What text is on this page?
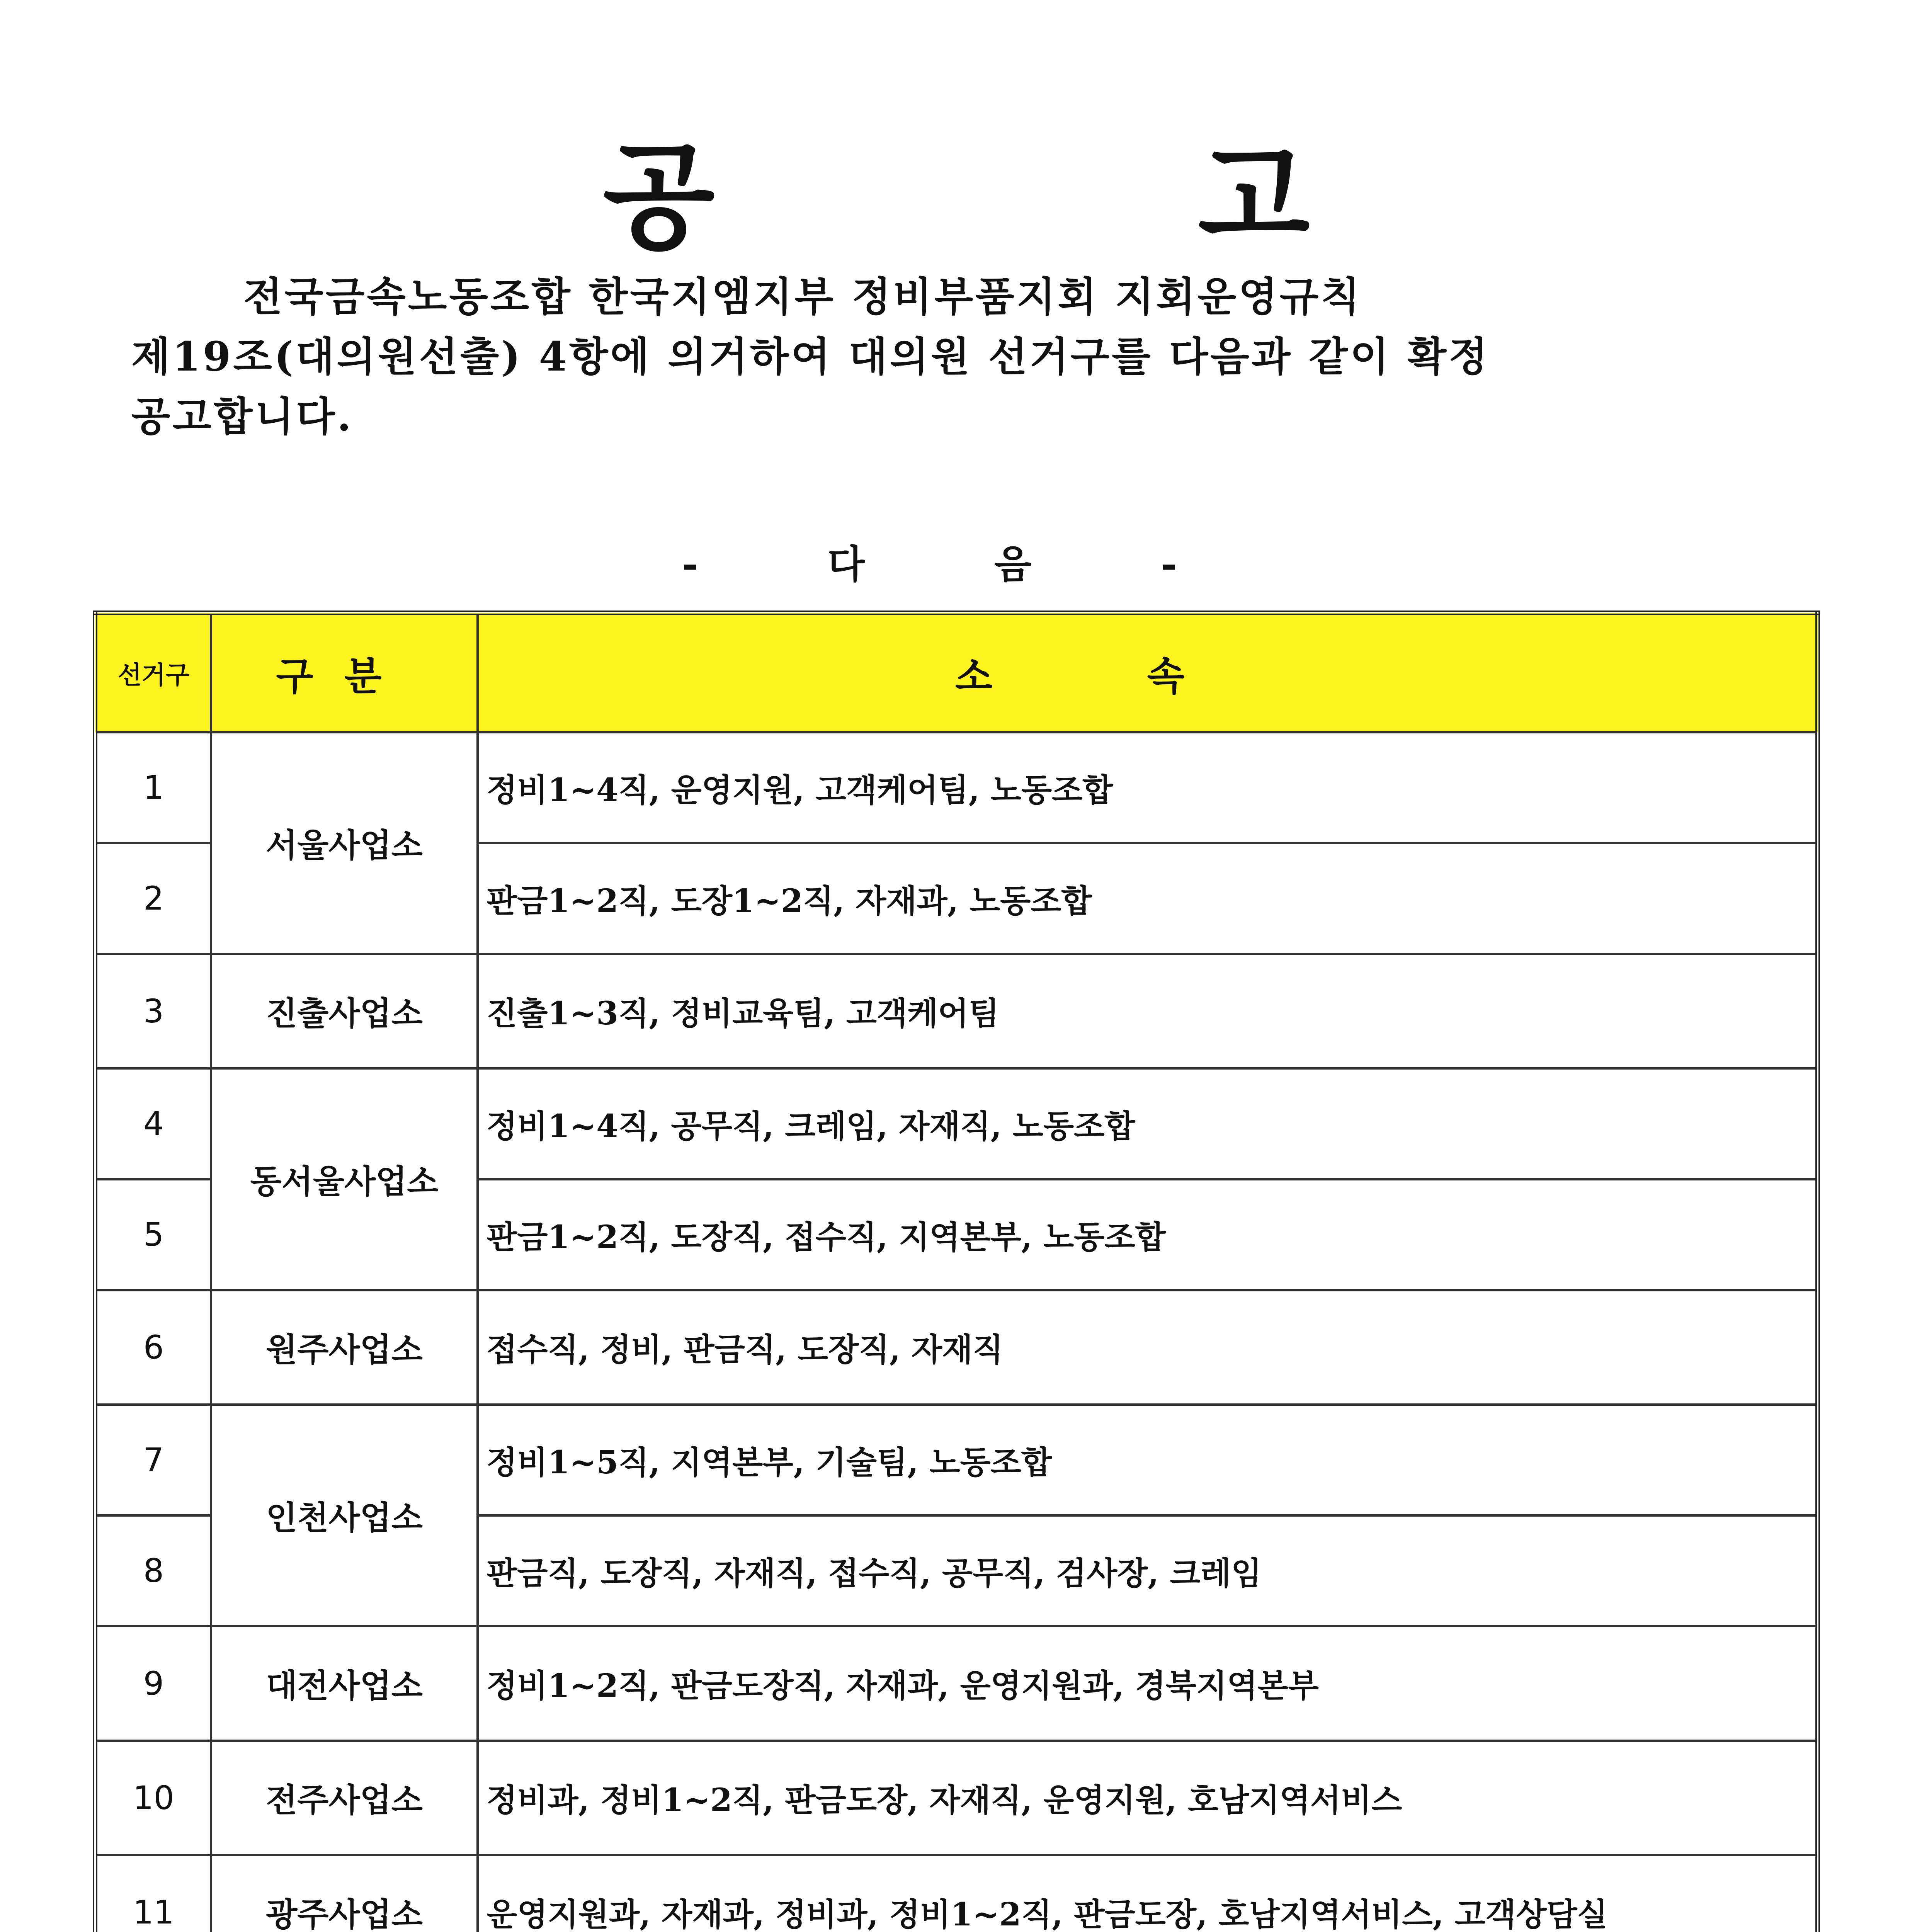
공	고
전국금속노동조합 한국지엠지부 정비부품지회 지회운영규칙
제19조(대의원선출) 4항에 의거하여 대의원 선거구를 다음과 같이 확정
공고합니다.
- 다 음 -
선거구	구분	소속
1	서울사업소	정비1~4직, 운영지원, 고객케어팀, 노동조합
2		판금1~2직, 도장1~2직, 자재과, 노동조합
3	진출사업소	진출1~3직, 정비교육팀, 고객케어팀
4	동서울사업소	정비1~4직, 공무직, 크레임, 자재직, 노동조합
5		판금1~2직, 도장직, 접수직, 지역본부, 노동조합
6	원주사업소	접수직, 정비, 판금직, 도장직, 자재직
7	인천사업소	정비1~5직, 지역본부, 기술팀, 노동조합
8		판금직, 도장직, 자재직, 접수직, 공무직, 검사장, 크레임
9	대전사업소	정비1~2직, 판금도장직, 자재과, 운영지원과, 경북지역본부
10	전주사업소	정비과, 정비1~2직, 판금도장, 자재직, 운영지원, 호남지역서비스
11	광주사업소	운영지원과, 자재과, 정비과, 정비1~2직, 판금도장, 호남지역서비스, 고객상담실
